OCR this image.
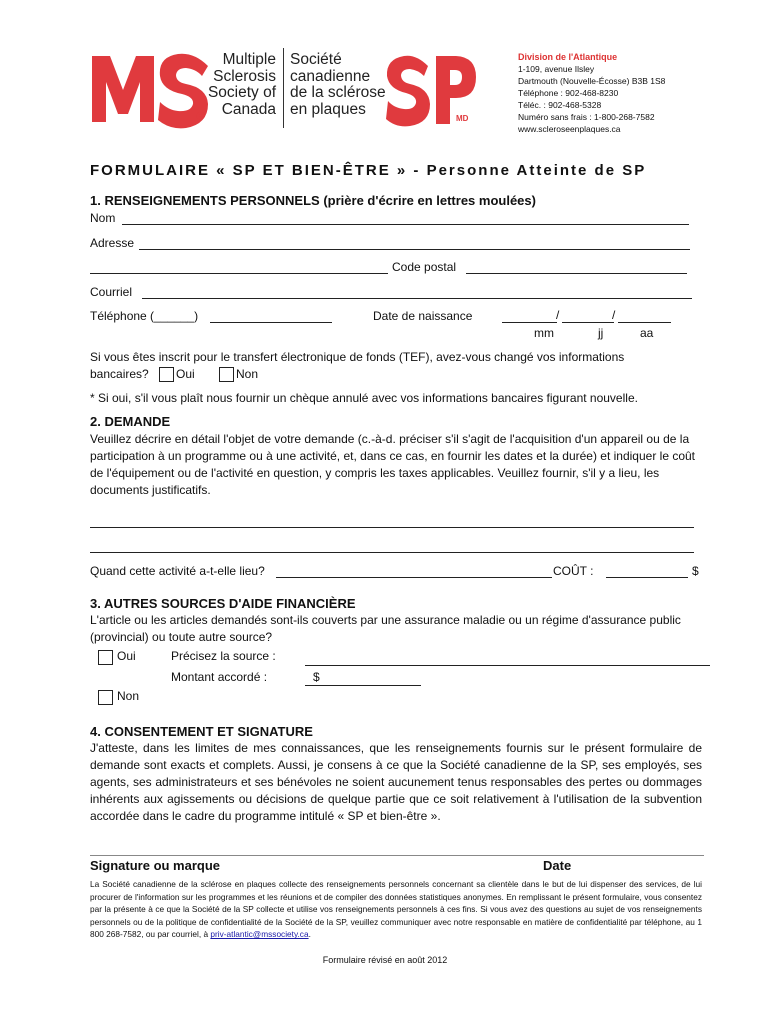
®
Multiple
Sclerosis
Society of
Canada
Société
canadienne
de la sclérose
en plaques
MD
Division de l'Atlantique
1-109, avenue Ilsley
Dartmouth (Nouvelle-Écosse) B3B 1S8
Téléphone : 902-468-8230
Téléc. : 902-468-5328
Numéro sans frais : 1-800-268-7582
www.scleroseenplaques.ca
FORMULAIRE « SP ET BIEN-ÊTRE » - Personne Atteinte de SP
1. RENSEIGNEMENTS PERSONNELS (prière d'écrire en lettres moulées)
Nom
Adresse
Code postal
Courriel
Téléphone (______)	Date de naissance	/	/
mm	jj	aa
Si vous êtes inscrit pour le transfert électronique de fonds (TEF), avez-vous changé vos informations
bancaires? Oui	Non
* Si oui, s'il vous plaît nous fournir un chèque annulé avec vos informations bancaires figurant nouvelle.
2. DEMANDE
Veuillez décrire en détail l'objet de votre demande (c.-à-d. préciser s'il s'agit de l'acquisition d'un appareil ou de la participation à un programme ou à une activité, et, dans ce cas, en fournir les dates et la durée) et indiquer le coût de l'équipement ou de l'activité en question, y compris les taxes applicables. Veuillez fournir, s'il y a lieu, les documents justificatifs.
Quand cette activité a-t-elle lieu?	COÛT :	$
3. AUTRES SOURCES D'AIDE FINANCIÈRE
L'article ou les articles demandés sont-ils couverts par une assurance maladie ou un régime d'assurance public (provincial) ou toute autre source?
Oui	Précisez la source :
Montant accordé :	$
Non
4. CONSENTEMENT ET SIGNATURE
J'atteste, dans les limites de mes connaissances, que les renseignements fournis sur le présent formulaire de demande sont exacts et complets. Aussi, je consens à ce que la Société canadienne de la SP, ses employés, ses agents, ses administrateurs et ses bénévoles ne soient aucunement tenus responsables des pertes ou dommages inhérents aux agissements ou décisions de quelque partie que ce soit relativement à l'utilisation de la subvention accordée dans le cadre du programme intitulé « SP et bien-être ».
Signature ou marque	Date
La Société canadienne de la sclérose en plaques collecte des renseignements personnels concernant sa clientèle dans le but de lui dispenser des services, de lui procurer de l'information sur les programmes et les réunions et de compiler des données statistiques anonymes. En remplissant le présent formulaire, vous consentez par la présente à ce que la Société de la SP collecte et utilise vos renseignements personnels à ces fins. Si vous avez des questions au sujet de vos renseignements personnels ou de la politique de confidentialité de la Société de la SP, veuillez communiquer avec notre responsable en matière de confidentialité par téléphone, au 1 800 268-7582, ou par courriel, à priv-atlantic@mssociety.ca.
Formulaire révisé en août 2012
